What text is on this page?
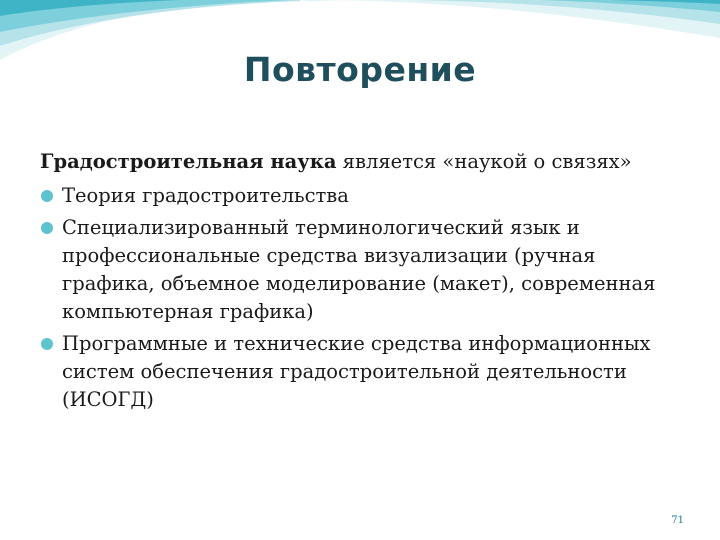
Повторение

Градостроительная наука является «наукой о связях»

Теория градостроительства
Специализированный терминологический язык и профессиональные средства визуализации (ручная графика, объемное моделирование (макет), современная компьютерная графика)
Программные и технические средства информационных систем обеспечения градостроительной деятельности (ИСОГД)
71
